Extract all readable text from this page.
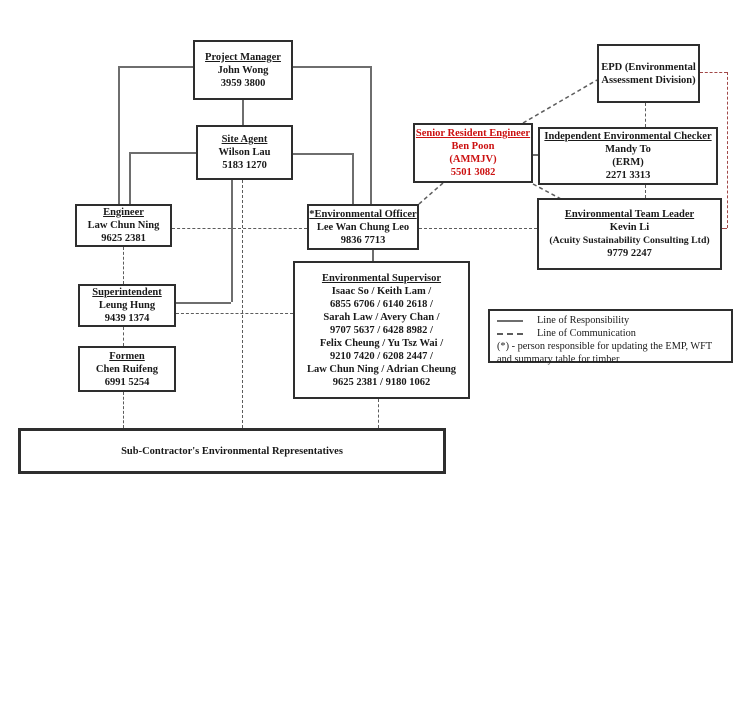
Project Manager
John Wong
3959 3800
Site Agent
Wilson Lau
5183 1270
EPD (Environmental
Assessment Division)
Senior Resident Engineer
Ben Poon
(AMMJV)
5501 3082
Independent Environmental Checker
Mandy To
(ERM)
2271 3313
Engineer
Law Chun Ning
9625 2381
*Environmental Officer
Lee Wan Chung Leo
9836 7713
Environmental Team Leader
Kevin Li
(Acuity Sustainability Consulting Ltd)
9779 2247
Superintendent
Leung Hung
9439 1374
Formen
Chen Ruifeng
6991 5254
Environmental Supervisor
Isaac So / Keith Lam /
6855 6706 / 6140 2618 /
Sarah Law / Avery Chan /
9707 5637 / 6428 8982 /
Felix Cheung / Yu Tsz Wai /
9210 7420 / 6208 2447 /
Law Chun Ning / Adrian Cheung
9625 2381 / 9180 1062
Sub-Contractor's Environmental Representatives
Line of Responsibility
Line of Communication
(*) - person responsible for updating the EMP, WFT and summary table for timber
